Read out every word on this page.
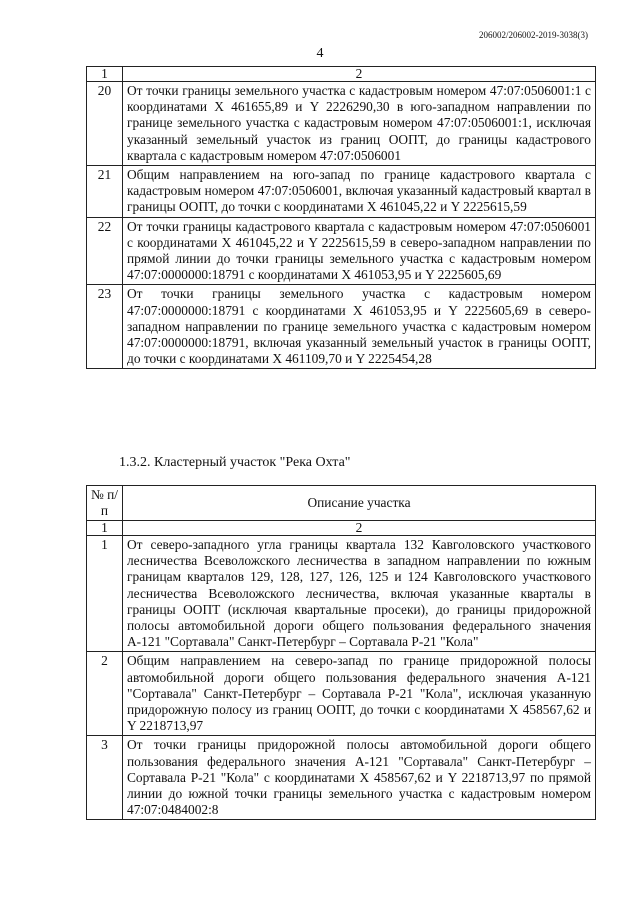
206002/206002-2019-3038(3)
4
1	2
20	От точки границы земельного участка с кадастровым номером 47:07:0506001:1 с координатами X 461655,89 и Y 2226290,30 в юго-западном направлении по границе земельного участка с кадастровым номером 47:07:0506001:1, исключая указанный земельный участок из границ ООПТ, до границы кадастрового квартала с кадастровым номером 47:07:0506001
21	Общим направлением на юго-запад по границе кадастрового квартала с кадастровым номером 47:07:0506001, включая указанный кадастровый квартал в границы ООПТ, до точки с координатами X 461045,22 и Y 2225615,59
22	От точки границы кадастрового квартала с кадастровым номером 47:07:0506001 с координатами X 461045,22 и Y 2225615,59 в северо-западном направлении по прямой линии до точки границы земельного участка с кадастровым номером 47:07:0000000:18791 с координатами X 461053,95 и Y 2225605,69
23	От точки границы земельного участка с кадастровым номером 47:07:0000000:18791 с координатами X 461053,95 и Y 2225605,69 в северо-западном направлении по границе земельного участка с кадастровым номером 47:07:0000000:18791, включая указанный земельный участок в границы ООПТ, до точки с координатами X 461109,70 и Y 2225454,28
1.3.2. Кластерный участок "Река Охта"
№ п/п	Описание участка
1	2
1	От северо-западного угла границы квартала 132 Кавголовского участкового лесничества Всеволожского лесничества в западном направлении по южным границам кварталов 129, 128, 127, 126, 125 и 124 Кавголовского участкового лесничества Всеволожского лесничества, включая указанные кварталы в границы ООПТ (исключая квартальные просеки), до границы придорожной полосы автомобильной дороги общего пользования федерального значения А-121 "Сортавала" Санкт-Петербург – Сортавала Р-21 "Кола"
2	Общим направлением на северо-запад по границе придорожной полосы автомобильной дороги общего пользования федерального значения А-121 "Сортавала" Санкт-Петербург – Сортавала Р-21 "Кола", исключая указанную придорожную полосу из границ ООПТ, до точки с координатами X 458567,62 и Y 2218713,97
3	От точки границы придорожной полосы автомобильной дороги общего пользования федерального значения А-121 "Сортавала" Санкт-Петербург – Сортавала Р-21 "Кола" с координатами X 458567,62 и Y 2218713,97 по прямой линии до южной точки границы земельного участка с кадастровым номером 47:07:0484002:8
